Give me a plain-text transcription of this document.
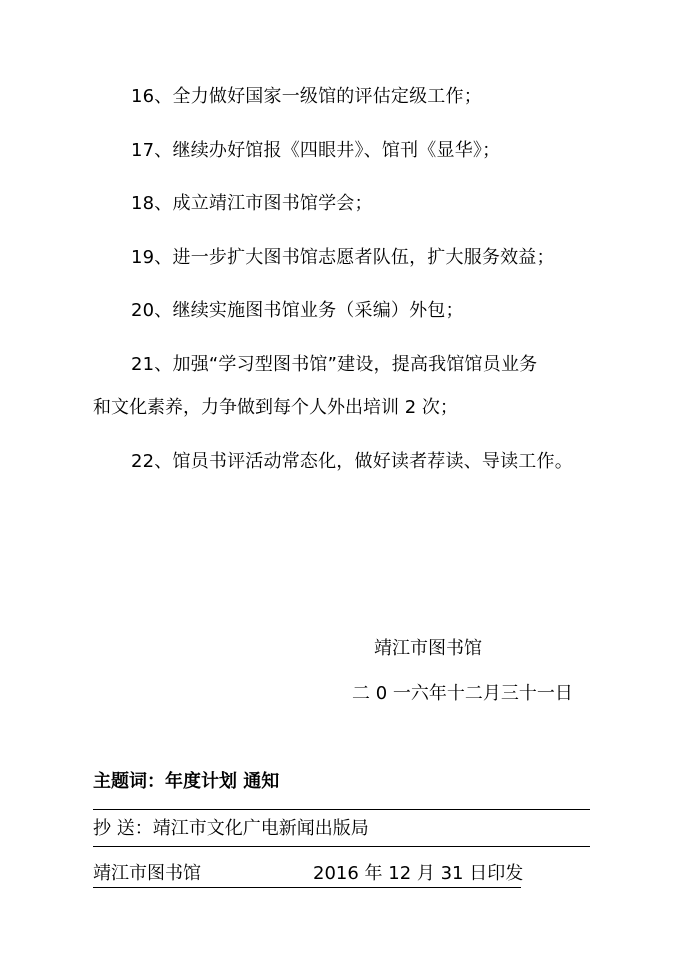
16、全力做好国家一级馆的评估定级工作；
17、继续办好馆报《四眼井》、馆刊《显华》；
18、成立靖江市图书馆学会；
19、进一步扩大图书馆志愿者队伍，扩大服务效益；
20、继续实施图书馆业务（采编）外包；
21、加强“学习型图书馆”建设，提高我馆馆员业务
和文化素养，力争做到每个人外出培训 2 次；
22、馆员书评活动常态化，做好读者荐读、导读工作。
靖江市图书馆
二 0 一六年十二月三十一日
主题词：年度计划 通知
抄 送：靖江市文化广电新闻出版局
靖江市图书馆	2016 年 12 月 31 日印发
